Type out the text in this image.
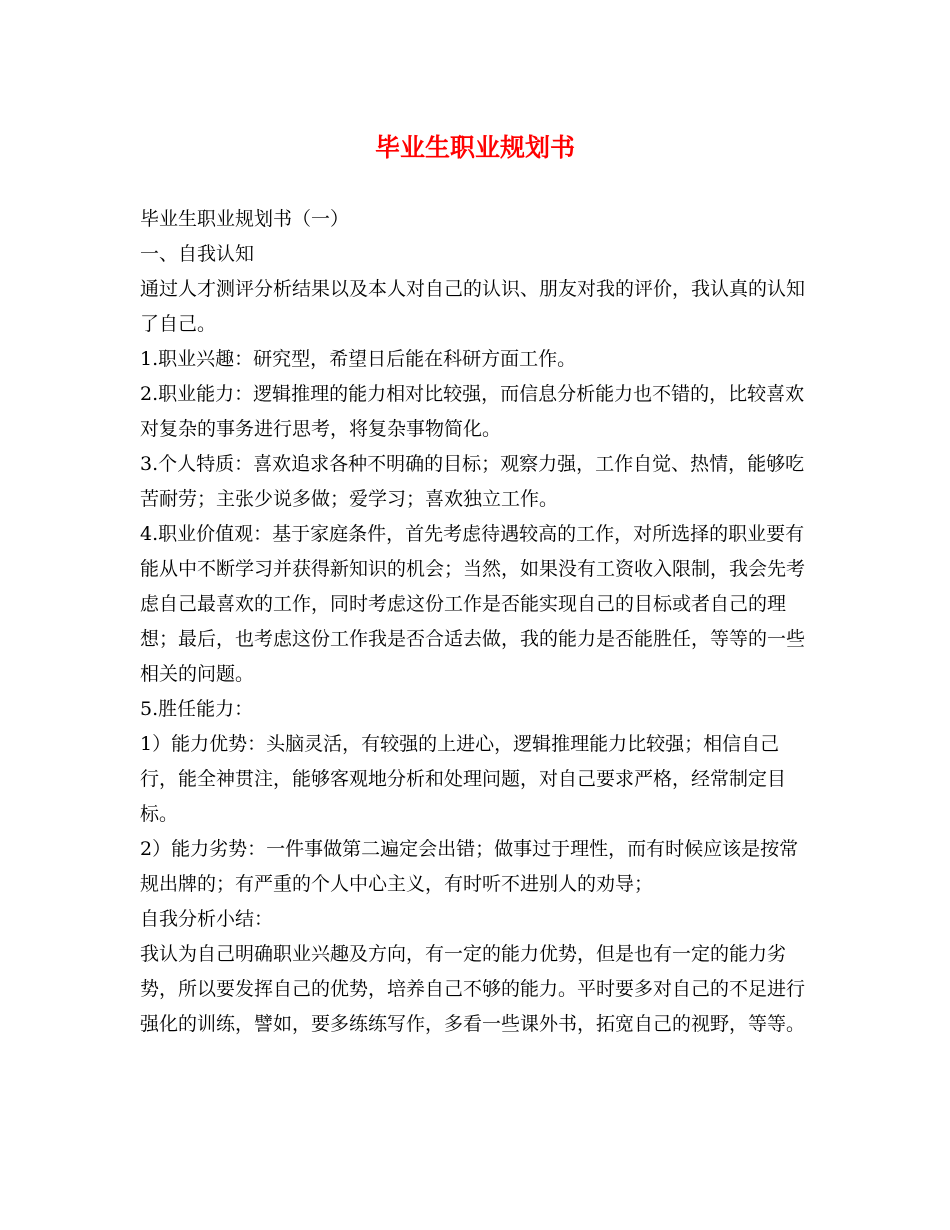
毕业生职业规划书

毕业生职业规划书（一）

一、自我认知

通过人才测评分析结果以及本人对自己的认识、朋友对我的评价，我认真的认知了自己。

1.职业兴趣：研究型，希望日后能在科研方面工作。

2.职业能力：逻辑推理的能力相对比较强，而信息分析能力也不错的，比较喜欢对复杂的事务进行思考，将复杂事物简化。

3.个人特质：喜欢追求各种不明确的目标；观察力强，工作自觉、热情，能够吃苦耐劳；主张少说多做；爱学习；喜欢独立工作。

4.职业价值观：基于家庭条件，首先考虑待遇较高的工作，对所选择的职业要有能从中不断学习并获得新知识的机会；当然，如果没有工资收入限制，我会先考虑自己最喜欢的工作，同时考虑这份工作是否能实现自己的目标或者自己的理想；最后，也考虑这份工作我是否合适去做，我的能力是否能胜任，等等的一些相关的问题。

5.胜任能力：

1）能力优势：头脑灵活，有较强的上进心，逻辑推理能力比较强；相信自己行，能全神贯注，能够客观地分析和处理问题，对自己要求严格，经常制定目标。

2）能力劣势：一件事做第二遍定会出错；做事过于理性，而有时候应该是按常规出牌的；有严重的个人中心主义，有时听不进别人的劝导；

自我分析小结：

我认为自己明确职业兴趣及方向，有一定的能力优势，但是也有一定的能力劣势，所以要发挥自己的优势，培养自己不够的能力。平时要多对自己的不足进行强化的训练，譬如，要多练练写作，多看一些课外书，拓宽自己的视野，等等。
